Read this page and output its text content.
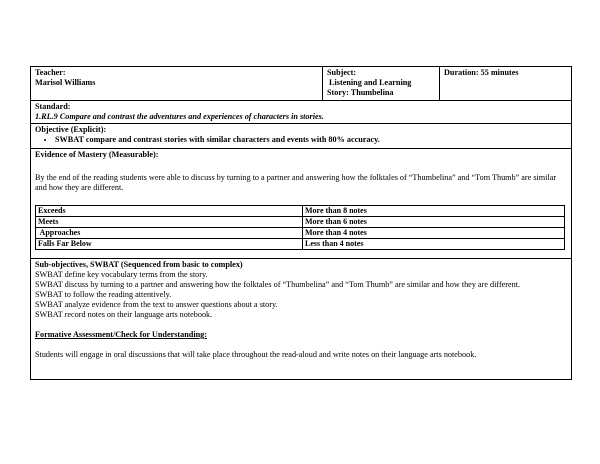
Teacher:
Marisol Williams
Subject:
Listening and Learning
Story: Thumbelina
Duration: 55 minutes
Standard:
1.RL.9 Compare and contrast the adventures and experiences of characters in stories.
Objective (Explicit):
• SWBAT compare and contrast stories with similar characters and events with 80% accuracy.
Evidence of Mastery (Measurable):
By the end of the reading students were able to discuss by turning to a partner and answering how the folktales of “Thumbelina” and “Tom Thumb” are similar and how they are different.
Exceeds	More than 8 notes
Meets	More than 6 notes
Approaches	More than 4 notes
Falls Far Below	Less than 4 notes
Sub-objectives, SWBAT (Sequenced from basic to complex)
SWBAT define key vocabulary terms from the story.
SWBAT discuss by turning to a partner and answering how the folktales of “Thumbelina” and “Tom Thumb” are similar and how they are different.
SWBAT to follow the reading attentively.
SWBAT analyze evidence from the text to answer questions about a story.
SWBAT record notes on their language arts notebook.
Formative Assessment/Check for Understanding:
Students will engage in oral discussions that will take place throughout the read-aloud and write notes on their language arts notebook.
